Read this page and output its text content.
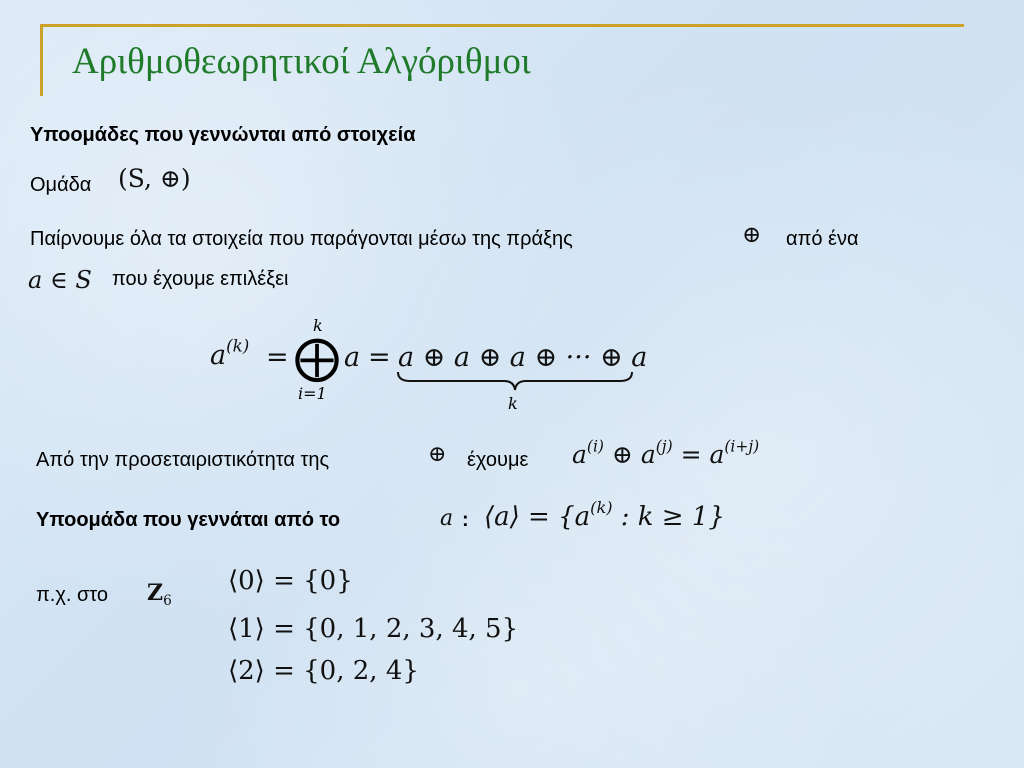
Αριθμοθεωρητικοί Αλγόριθμοι
Υποομάδες που γεννώνται από στοιχεία
Ομάδα (S, ⊕)
Παίρνουμε όλα τα στοιχεία που παράγονται μέσω της πράξης	⊕ από ένα
a ∈ S που έχουμε επιλέξει
$a^{(k)}$ =
k
⨁
i=1
a = a ⊕ a ⊕ a ⊕ ··· ⊕ a
k
Από την προσεταιριστικότητα της	⊕ έχουμε $a^{(i)}$ ⊕ $a^{(j)} = a^{(i+j)}$
Υποομάδα που γεννάται από το	a : ⟨a⟩ = {$a^{(k)}$ : k ≥ 1}
π.χ. στο $Z_6$
⟨0⟩ = {0}
⟨1⟩ = {0, 1, 2, 3, 4, 5}
⟨2⟩ = {0, 2, 4}
